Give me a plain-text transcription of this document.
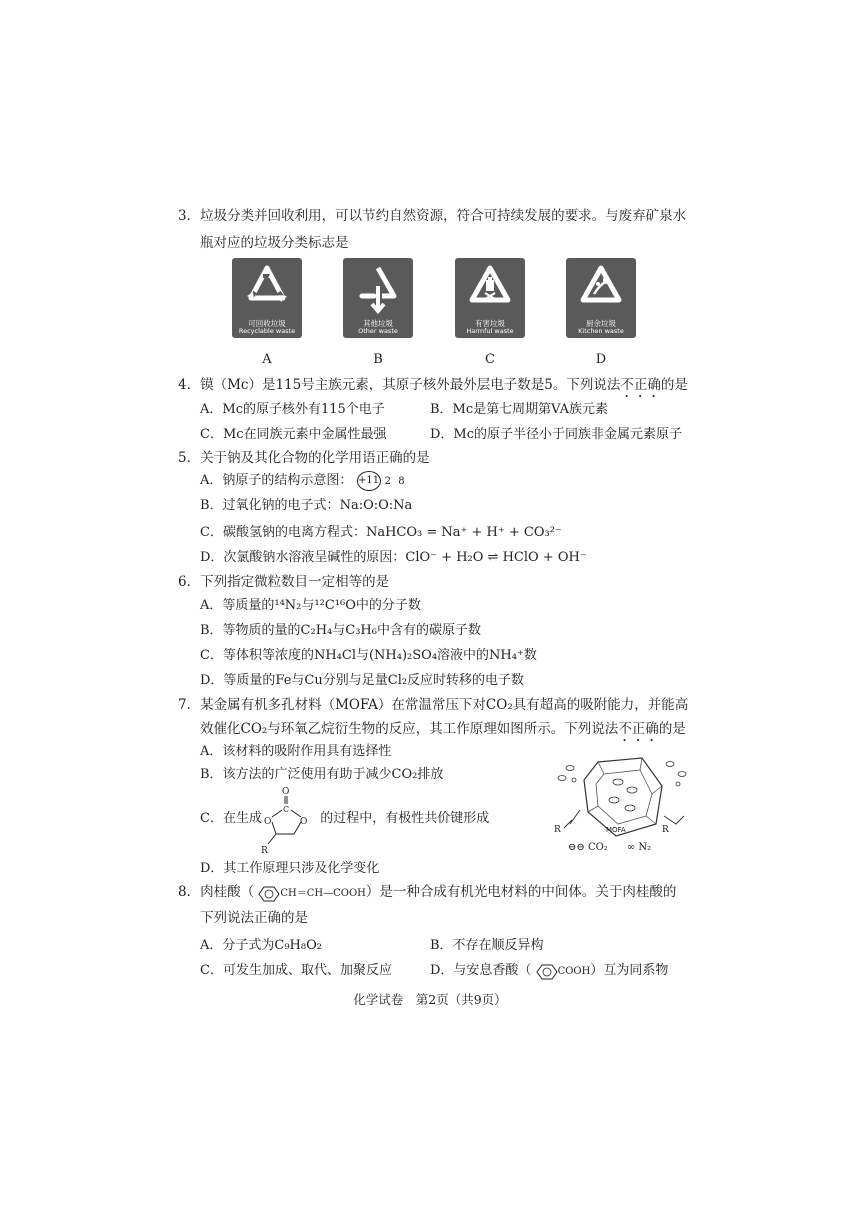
3．垃圾分类并回收利用，可以节约自然资源，符合可持续发展的要求。与废弃矿泉水
瓶对应的垃圾分类标志是
可回收垃圾
Recyclable waste
A
其他垃圾
Other waste
B
有害垃圾
Harmful waste
C
厨余垃圾
Kitchen waste
D
4．镆（Mc）是115号主族元素，其原子核外最外层电子数是5。下列说法不正确的是
A．Mc的原子核外有115个电子	B．Mc是第七周期第VA族元素
C．Mc在同族元素中金属性最强	D．Mc的原子半径小于同族非金属元素原子
5．关于钠及其化合物的化学用语正确的是
A．钠原子的结构示意图： +11 2 8
B．过氧化钠的电子式：Na:O:O:Na
C．碳酸氢钠的电离方程式：NaHCO₃ = Na⁺ + H⁺ + CO₃²⁻
D．次氯酸钠水溶液呈碱性的原因：ClO⁻ + H₂O ⇌ HClO + OH⁻
6．下列指定微粒数目一定相等的是
A．等质量的¹⁴N₂与¹²C¹⁶O中的分子数
B．等物质的量的C₂H₄与C₃H₆中含有的碳原子数
C．等体积等浓度的NH₄Cl与(NH₄)₂SO₄溶液中的NH₄⁺数
D．等质量的Fe与Cu分别与足量Cl₂反应时转移的电子数
7．某金属有机多孔材料（MOFA）在常温常压下对CO₂具有超高的吸附能力，并能高
效催化CO₂与环氧乙烷衍生物的反应，其工作原理如图所示。下列说法不正确的是
A．该材料的吸附作用具有选择性
B．该方法的广泛使用有助于减少CO₂排放
C．在生成	的过程中，有极性共价键形成
O
C
O	O
R
D．其工作原理只涉及化学变化
R	R
MOFA
⊖⊖ CO₂ ∞ N₂
8．肉桂酸（	CH＝CH—COOH）是一种合成有机光电材料的中间体。关于肉桂酸的
下列说法正确的是
A．分子式为C₉H₈O₂	B．不存在顺反异构
C．可发生加成、取代、加聚反应	D．与安息香酸（	COOH）互为同系物
化学试卷　第2页（共9页）
